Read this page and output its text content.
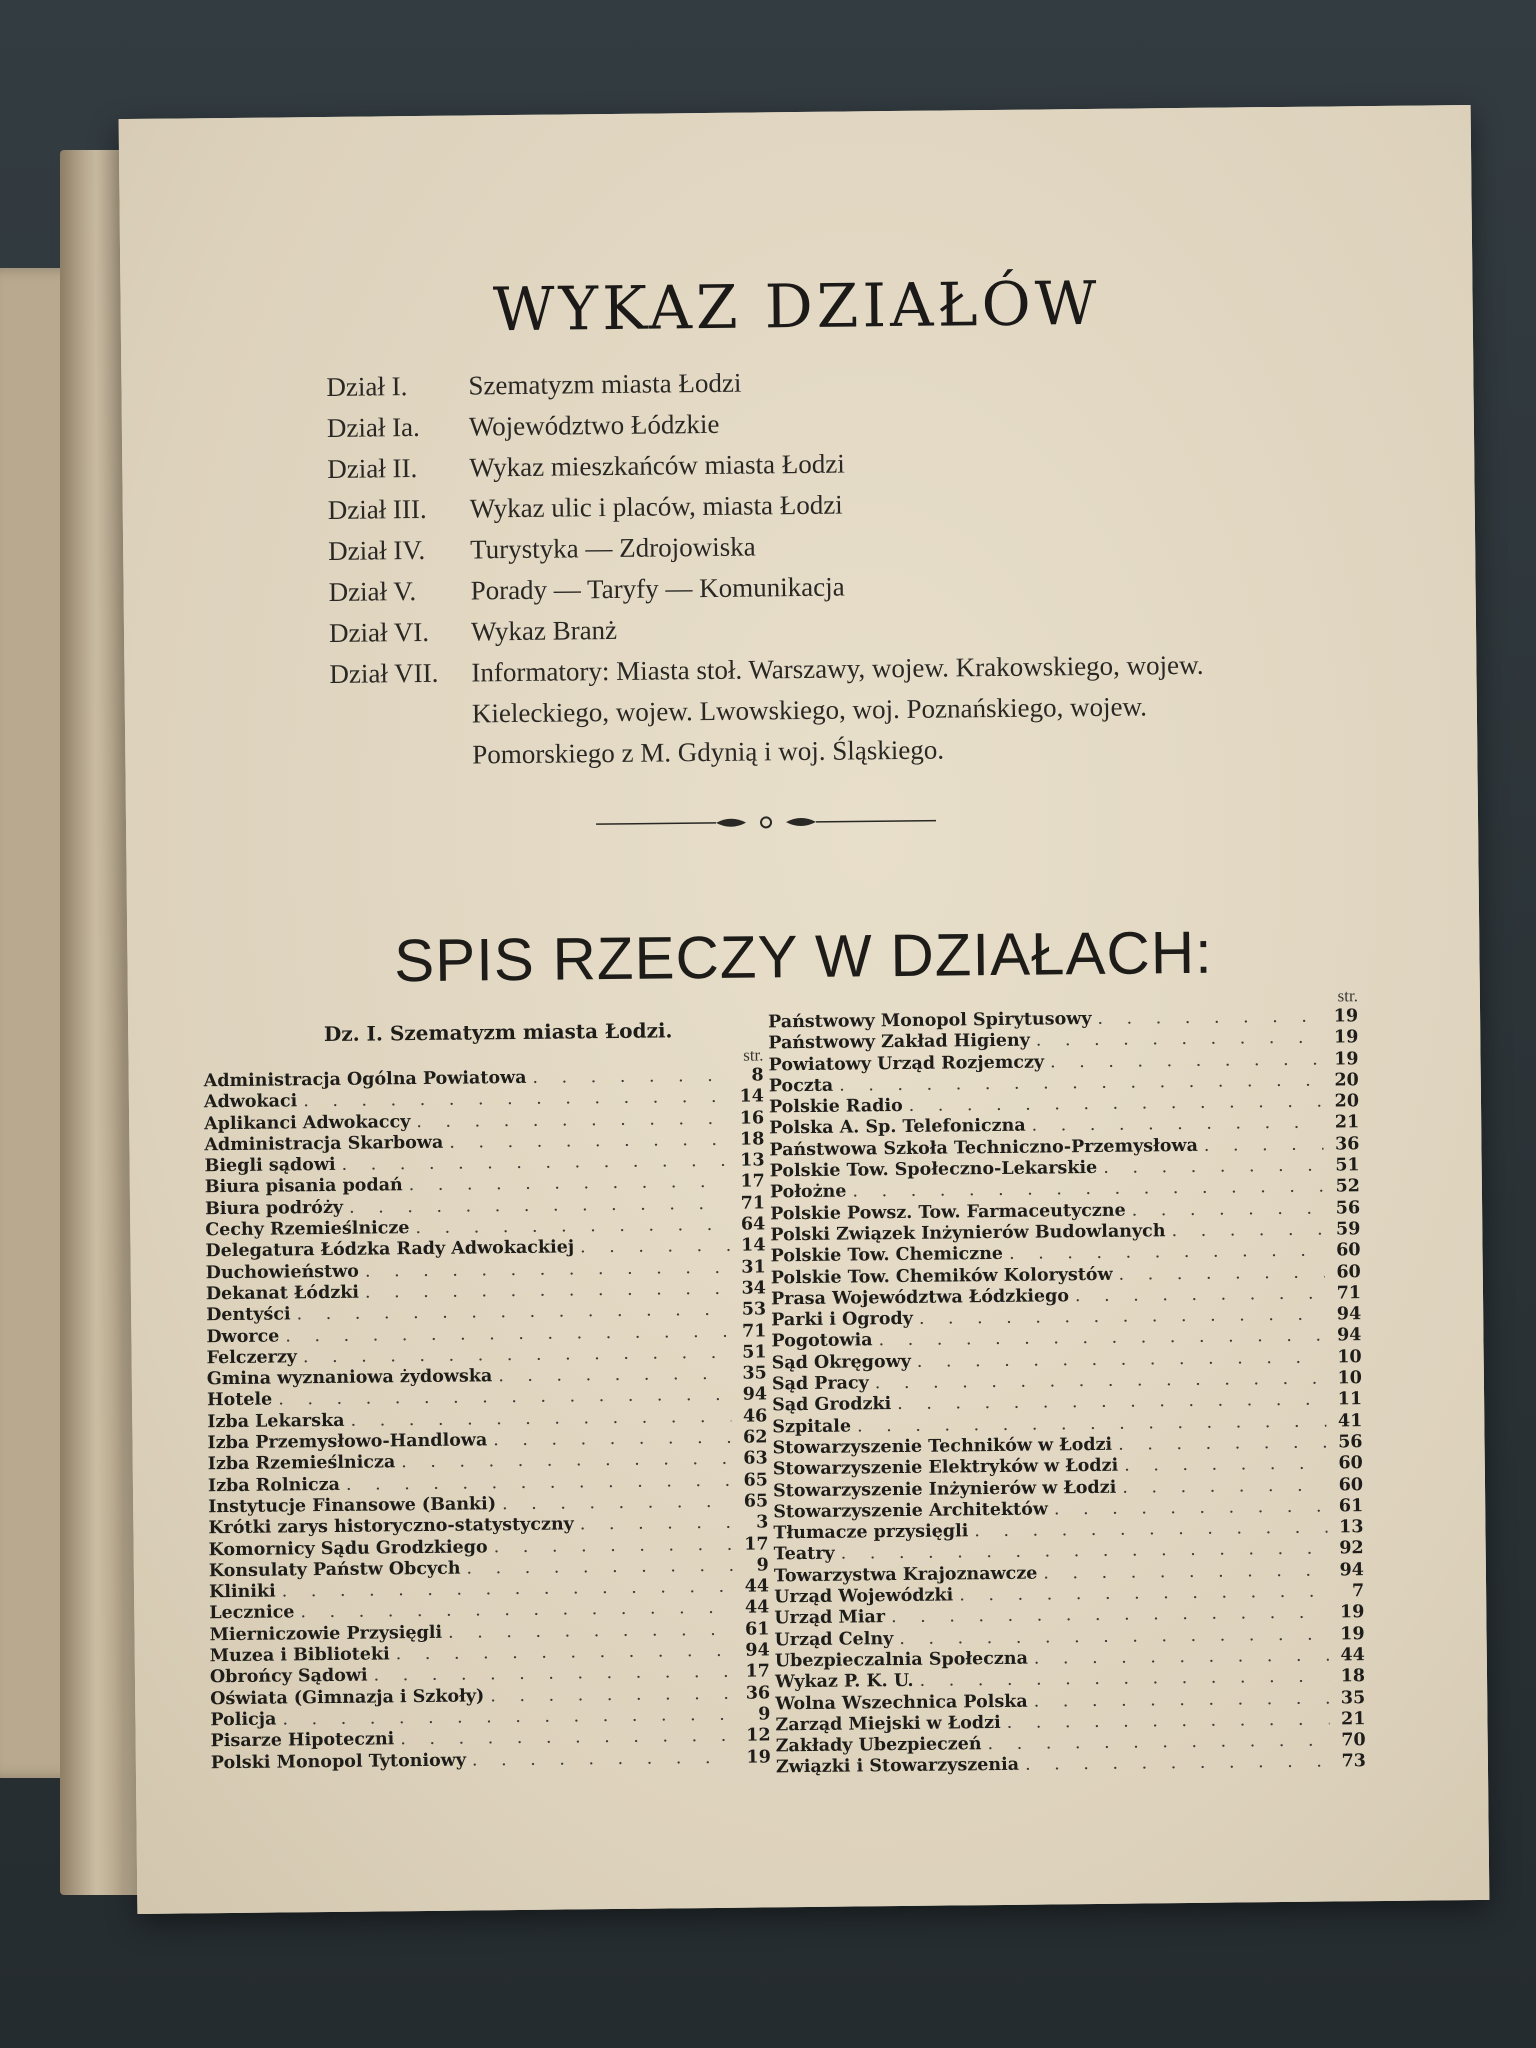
WYKAZ DZIAŁÓW
Dział I.	Szematyzm miasta Łodzi
Dział Ia.	Województwo Łódzkie
Dział II.	Wykaz mieszkańców miasta Łodzi
Dział III.	Wykaz ulic i placów, miasta Łodzi
Dział IV.	Turystyka — Zdrojowiska
Dział V.	Porady — Taryfy — Komunikacja
Dział VI.	Wykaz Branż
Dział VII.	Informatory: Miasta stoł. Warszawy, wojew. Krakowskiego, wojew. Kieleckiego, wojew. Lwowskiego, woj. Poznańskiego, wojew. Pomorskiego z M. Gdynią i woj. Śląskiego.
SPIS RZECZY W DZIAŁACH:
Dz. I. Szematyzm miasta Łodzi.
str.
Administracja Ogólna Powiatowa . . .	8
Adwokaci . . .	14
Aplikanci Adwokaccy . . .	16
Administracja Skarbowa . . .	18
Biegli sądowi . . .	13
Biura pisania podań . . .	17
Biura podróży . . .	71
Cechy Rzemieślnicze . . .	64
Delegatura Łódzka Rady Adwokackiej . . .	14
Duchowieństwo . . .	31
Dekanat Łódzki . . .	34
Dentyści . . .	53
Dworce . . .	71
Felczerzy . . .	51
Gmina wyznaniowa żydowska . . .	35
Hotele . . .	94
Izba Lekarska . . .	46
Izba Przemysłowo-Handlowa . . .	62
Izba Rzemieślnicza . . .	63
Izba Rolnicza . . .	65
Instytucje Finansowe (Banki) . . .	65
Krótki zarys historyczno-statystyczny . . .	3
Komornicy Sądu Grodzkiego . . .	17
Konsulaty Państw Obcych . . .	9
Kliniki . . .	44
Lecznice . . .	44
Mierniczowie Przysięgli . . .	61
Muzea i Biblioteki . . .	94
Obrońcy Sądowi . . .	17
Oświata (Gimnazja i Szkoły) . . .	36
Policja . . .	9
Pisarze Hipoteczni . . .	12
Polski Monopol Tytoniowy . . .	19
str.
Państwowy Monopol Spirytusowy . . .	19
Państwowy Zakład Higieny . . .	19
Powiatowy Urząd Rozjemczy . . .	19
Poczta . . .	20
Polskie Radio . . .	20
Polska A. Sp. Telefoniczna . . .	21
Państwowa Szkoła Techniczno-Przemysłowa . . .	36
Polskie Tow. Społeczno-Lekarskie . . .	51
Położne . . .	52
Polskie Powsz. Tow. Farmaceutyczne . . .	56
Polski Związek Inżynierów Budowlanych . . .	59
Polskie Tow. Chemiczne . . .	60
Polskie Tow. Chemików Kolorystów . . .	60
Prasa Województwa Łódzkiego . . .	71
Parki i Ogrody . . .	94
Pogotowia . . .	94
Sąd Okręgowy . . .	10
Sąd Pracy . . .	10
Sąd Grodzki . . .	11
Szpitale . . .	41
Stowarzyszenie Techników w Łodzi . . .	56
Stowarzyszenie Elektryków w Łodzi . . .	60
Stowarzyszenie Inżynierów w Łodzi . . .	60
Stowarzyszenie Architektów . . .	61
Tłumacze przysięgli . . .	13
Teatry . . .	92
Towarzystwa Krajoznawcze . . .	94
Urząd Wojewódzki . . .	7
Urząd Miar . . .	19
Urząd Celny . . .	19
Ubezpieczalnia Społeczna . . .	44
Wykaz P. K. U. . . .	18
Wolna Wszechnica Polska . . .	35
Zarząd Miejski w Łodzi . . .	21
Zakłady Ubezpieczeń . . .	70
Związki i Stowarzyszenia . . .	73
